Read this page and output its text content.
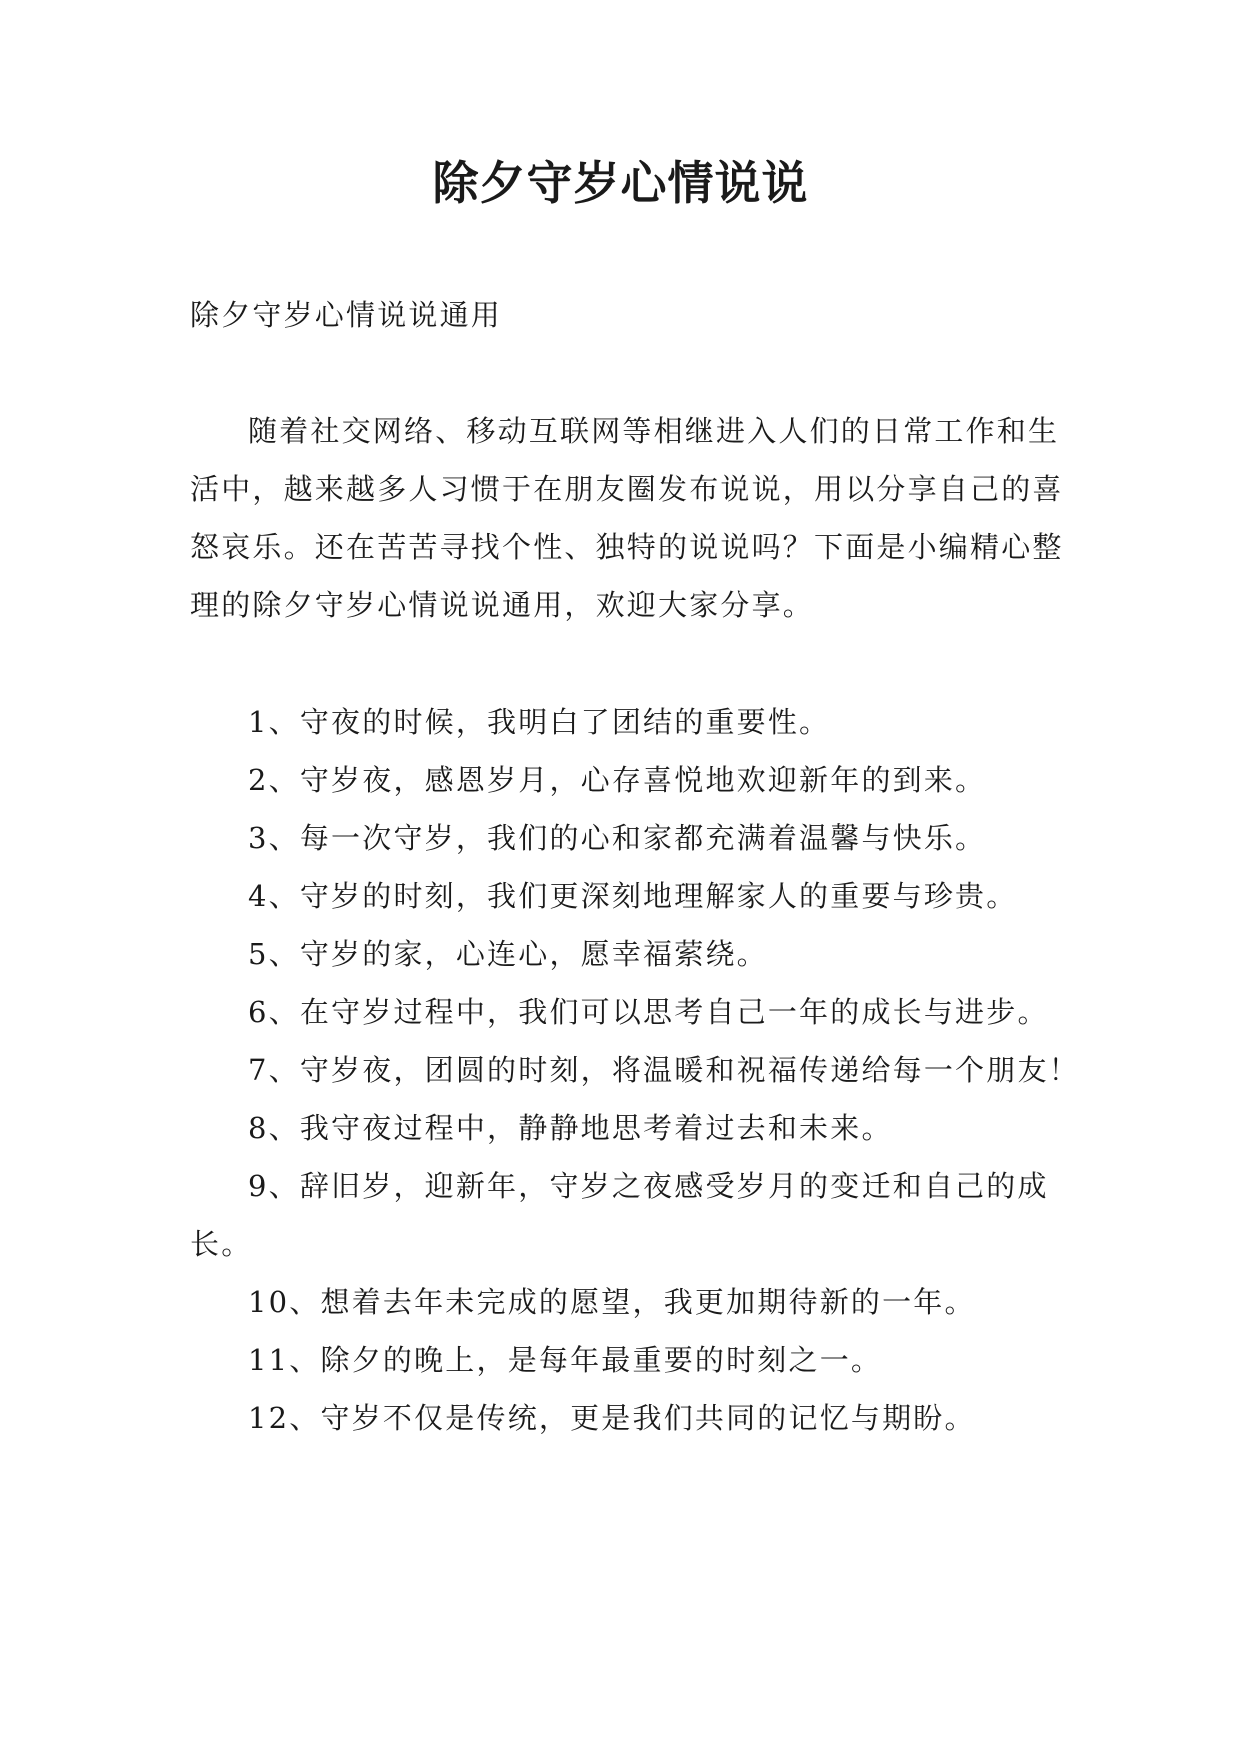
除夕守岁心情说说

除夕守岁心情说说通用

随着社交网络、移动互联网等相继进入人们的日常工作和生活中，越来越多人习惯于在朋友圈发布说说，用以分享自己的喜怒哀乐。还在苦苦寻找个性、独特的说说吗？下面是小编精心整理的除夕守岁心情说说通用，欢迎大家分享。

1、守夜的时候，我明白了团结的重要性。
2、守岁夜，感恩岁月，心存喜悦地欢迎新年的到来。
3、每一次守岁，我们的心和家都充满着温馨与快乐。
4、守岁的时刻，我们更深刻地理解家人的重要与珍贵。
5、守岁的家，心连心，愿幸福萦绕。
6、在守岁过程中，我们可以思考自己一年的成长与进步。
7、守岁夜，团圆的时刻，将温暖和祝福传递给每一个朋友！
8、我守夜过程中，静静地思考着过去和未来。
9、辞旧岁，迎新年，守岁之夜感受岁月的变迁和自己的成长。
10、想着去年未完成的愿望，我更加期待新的一年。
11、除夕的晚上，是每年最重要的时刻之一。
12、守岁不仅是传统，更是我们共同的记忆与期盼。
